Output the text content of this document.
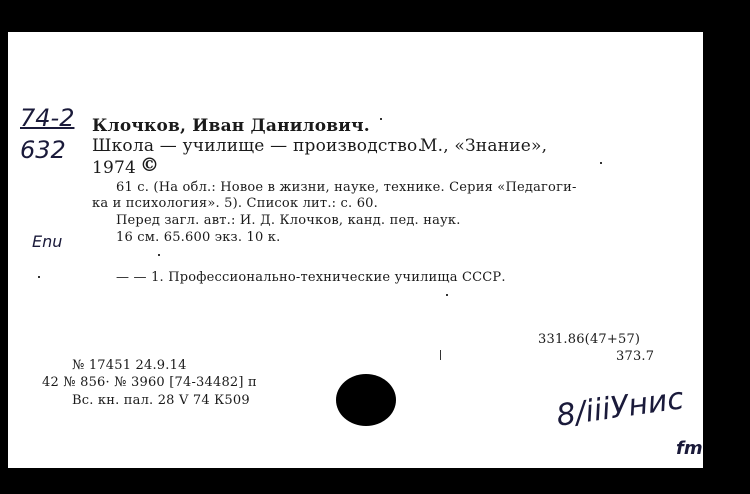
74-2
632
Клочков, Иван Данилович.
Школа — училище — производство.
М., «Знание»,
1974 ©
61 с. (На обл.: Новое в жизни, науке, технике. Серия «Педагоги-
ка и психология». 5). Список лит.: с. 60.
Перед загл. авт.: И. Д. Клочков, канд. пед. наук.
16 см. 65.600 экз. 10 к.
— — 1. Профессионально-технические училища СССР.
331.86(47+57)
373.7
№ 17451 24.9.14
42 № 856· № 3960 [74-34482] п
Вс. кн. пал. 28 V 74 К509
Enu
8/iiiУнис
fm
